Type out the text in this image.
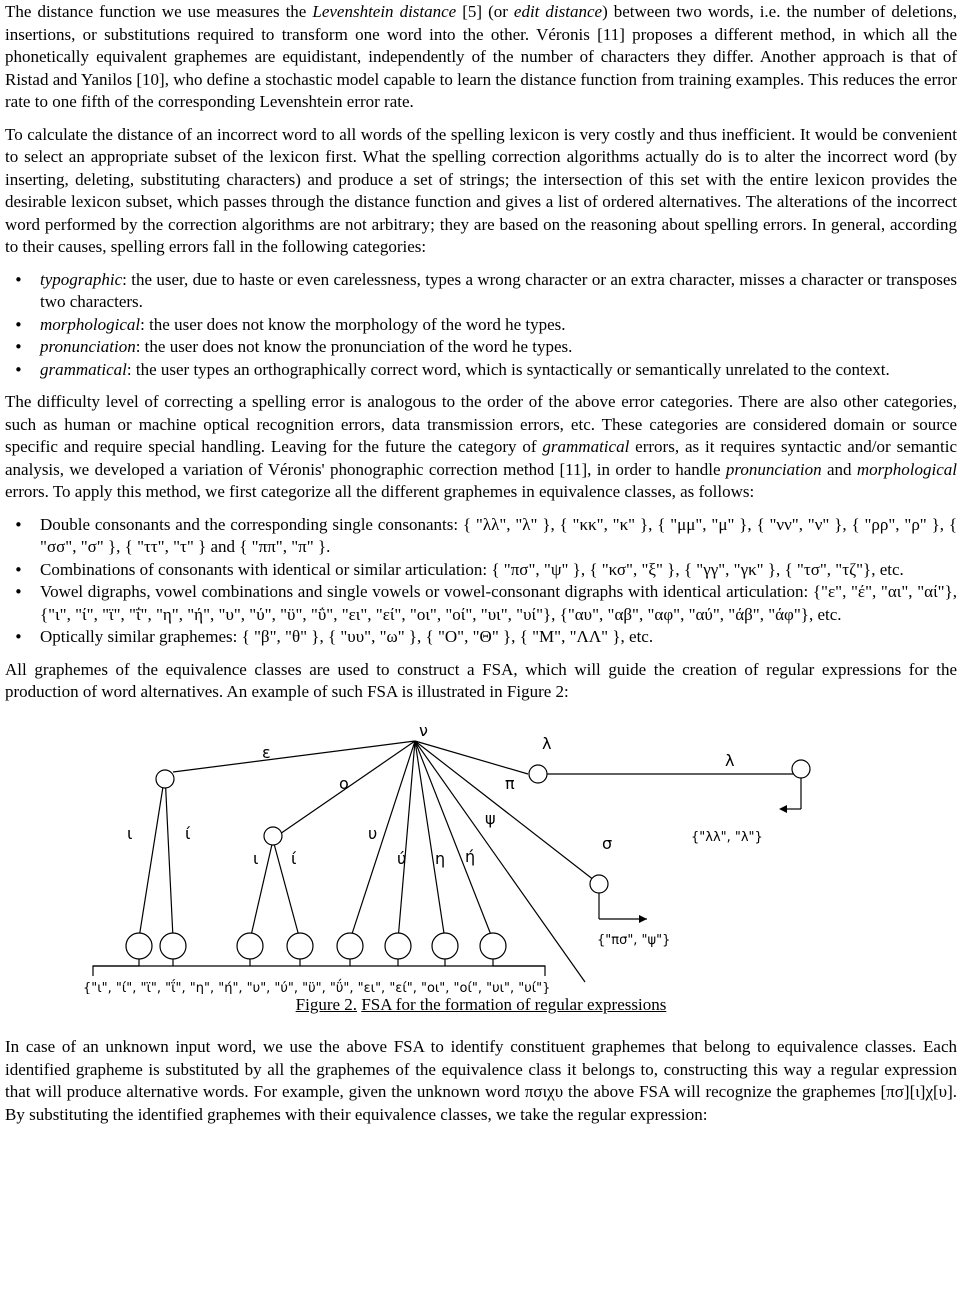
The distance function we use measures the Levenshtein distance [5] (or edit distance) between two words, i.e. the number of deletions, insertions, or substitutions required to transform one word into the other. Véronis [11] proposes a different method, in which all the phonetically equivalent graphemes are equidistant, independently of the number of characters they differ. Another approach is that of Ristad and Yanilos [10], who define a stochastic model capable to learn the distance function from training examples. This reduces the error rate to one fifth of the corresponding Levenshtein error rate.

To calculate the distance of an incorrect word to all words of the spelling lexicon is very costly and thus inefficient. It would be convenient to select an appropriate subset of the lexicon first. What the spelling correction algorithms actually do is to alter the incorrect word (by inserting, deleting, substituting characters) and produce a set of strings; the intersection of this set with the entire lexicon provides the desirable lexicon subset, which passes through the distance function and gives a list of ordered alternatives. The alterations of the incorrect word performed by the correction algorithms are not arbitrary; they are based on the reasoning about spelling errors. In general, according to their causes, spelling errors fall in the following categories:

• typographic: the user, due to haste or even carelessness, types a wrong character or an extra character, misses a character or transposes two characters.
• morphological: the user does not know the morphology of the word he types.
• pronunciation: the user does not know the pronunciation of the word he types.
• grammatical: the user types an orthographically correct word, which is syntactically or semantically unrelated to the context.

The difficulty level of correcting a spelling error is analogous to the order of the above error categories. There are also other categories, such as human or machine optical recognition errors, data transmission errors, etc. These categories are considered domain or source specific and require special handling. Leaving for the future the category of grammatical errors, as it requires syntactic and/or semantic analysis, we developed a variation of Véronis' phonographic correction method [11], in order to handle pronunciation and morphological errors. To apply this method, we first categorize all the different graphemes in equivalence classes, as follows:

• Double consonants and the corresponding single consonants: { "λλ", "λ" }, { "κκ", "κ" }, { "μμ", "μ" }, { "νν", "ν" }, { "ρρ", "ρ" }, { "σσ", "σ" }, { "ττ", "τ" } and { "ππ", "π" }.
• Combinations of consonants with identical or similar articulation: { "πσ", "ψ" }, { "κσ", "ξ" }, { "γγ", "γκ" }, { "τσ", "τζ"}, etc.
• Vowel digraphs, vowel combinations and single vowels or vowel-consonant digraphs with identical articulation: {"ε", "έ", "αι", "αί"}, {"ι", "ί", "ϊ", "ΐ", "η", "ή", "υ", "ύ", "ϋ", "ΰ", "ει", "εί", "οι", "οί", "υι", "υί"}, {"αυ", "αβ", "αφ", "αύ", "άβ", "άφ"}, etc.
• Optically similar graphemes: { "β", "θ" }, { "υυ", "ω" }, { "Ο", "Θ" }, { "Μ", "ΛΛ" }, etc.

All graphemes of the equivalence classes are used to construct a FSA, which will guide the creation of regular expressions for the production of word alternatives. An example of such FSA is illustrated in Figure 2:

ν
ε	λ
λ
ο	π
ψ
ι	ί
ι ί
υ
ύ η ή
σ	{"λλ", "λ"}
{"πσ", "ψ"}
{"ι", "ί", "ϊ", "ΐ", "η", "ή", "υ", "ύ", "ϋ", "ΰ", "ει", "εί", "οι", "οί", "υι", "υί"}

Figure 2. FSA for the formation of regular expressions

In case of an unknown input word, we use the above FSA to identify constituent graphemes that belong to equivalence classes. Each identified grapheme is substituted by all the graphemes of the equivalence class it belongs to, constructing this way a regular expression that will produce alternative words. For example, given the unknown word πσιχυ the above FSA will recognize the graphemes [πσ][ι]χ[υ]. By substituting the identified graphemes with their equivalence classes, we take the regular expression:
